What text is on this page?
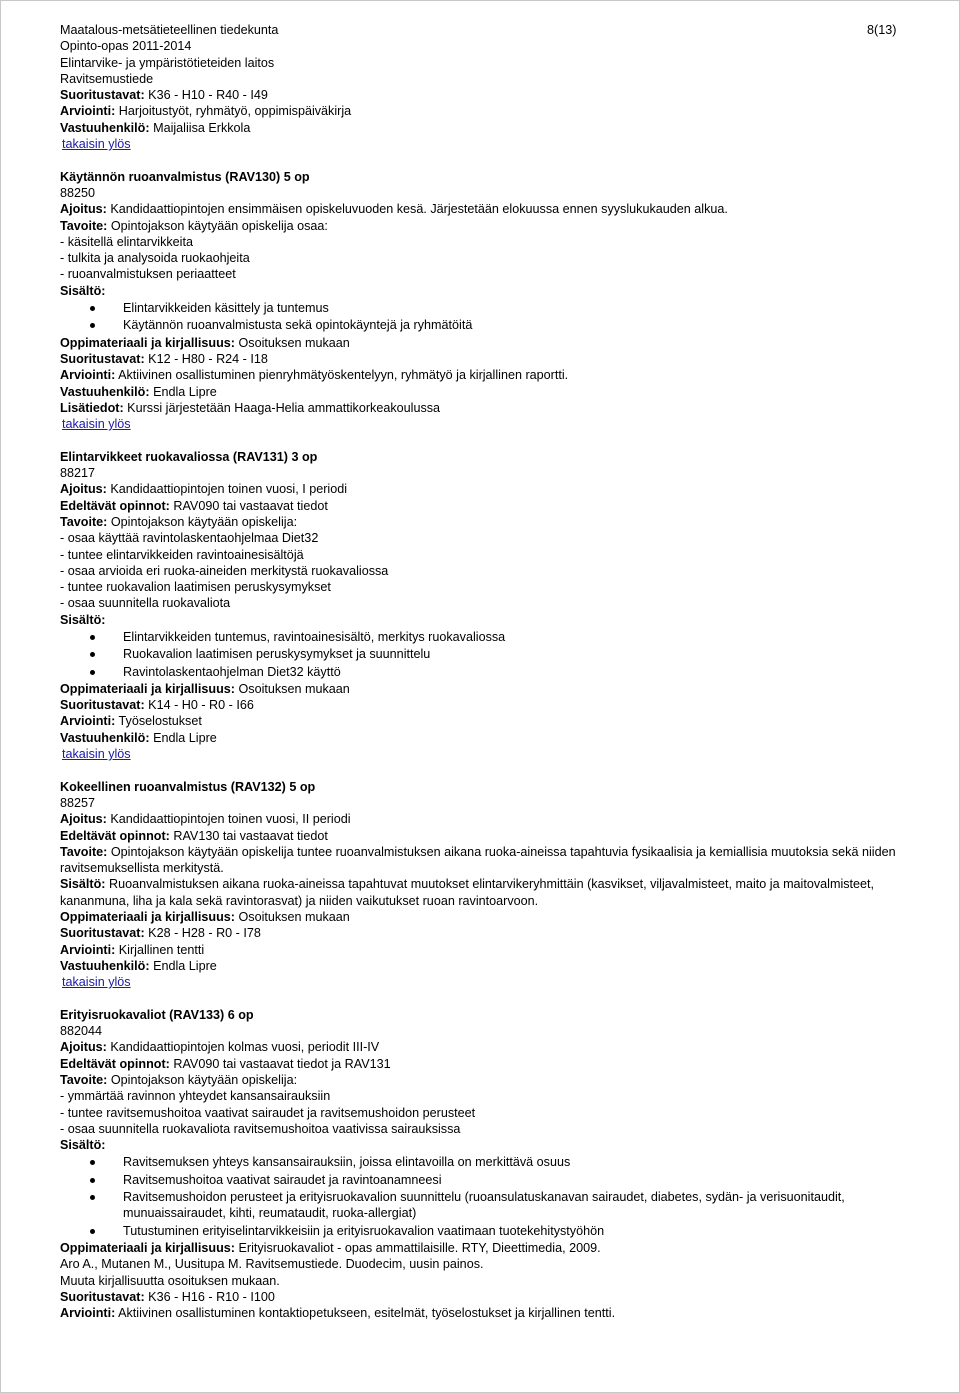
8(13)
Maatalous-metsätieteellinen tiedekunta
Opinto-opas 2011-2014
Elintarvike- ja ympäristötieteiden laitos
Ravitsemustiede
Suoritustavat: K36 - H10 - R40 - I49
Arviointi: Harjoitustyöt, ryhmätyö, oppimispäiväkirja
Vastuuhenkilö: Maijaliisa Erkkola
takaisin ylös
Käytännön ruoanvalmistus (RAV130) 5 op
88250
Ajoitus: Kandidaattiopintojen ensimmäisen opiskeluvuoden kesä. Järjestetään elokuussa ennen syyslukukauden alkua.
Tavoite: Opintojakson käytyään opiskelija osaa:
- käsitellä elintarvikkeita
- tulkita ja analysoida ruokaohjeita
- ruoanvalmistuksen periaatteet
Sisältö:
Elintarvikkeiden käsittely ja tuntemus
Käytännön ruoanvalmistusta sekä opintokäyntejä ja ryhmätöitä
Oppimateriaali ja kirjallisuus: Osoituksen mukaan
Suoritustavat: K12 - H80 - R24 - I18
Arviointi: Aktiivinen osallistuminen pienryhmätyöskentelyyn, ryhmätyö ja kirjallinen raportti.
Vastuuhenkilö: Endla Lipre
Lisätiedot: Kurssi järjestetään Haaga-Helia ammattikorkeakoulussa
takaisin ylös
Elintarvikkeet ruokavaliossa (RAV131) 3 op
88217
Ajoitus: Kandidaattiopintojen toinen vuosi, I periodi
Edeltävät opinnot: RAV090 tai vastaavat tiedot
Tavoite: Opintojakson käytyään opiskelija:
- osaa käyttää ravintolaskentaohjelmaa Diet32
- tuntee elintarvikkeiden ravintoainesisältöjä
- osaa arvioida eri ruoka-aineiden merkitystä ruokavaliossa
- tuntee ruokavalion laatimisen peruskysymykset
- osaa suunnitella ruokavaliota
Sisältö:
Elintarvikkeiden tuntemus, ravintoainesisältö, merkitys ruokavaliossa
Ruokavalion laatimisen peruskysymykset ja suunnittelu
Ravintolaskentaohjelman Diet32 käyttö
Oppimateriaali ja kirjallisuus: Osoituksen mukaan
Suoritustavat: K14 - H0 - R0 - I66
Arviointi: Työselostukset
Vastuuhenkilö: Endla Lipre
takaisin ylös
Kokeellinen ruoanvalmistus (RAV132) 5 op
88257
Ajoitus: Kandidaattiopintojen toinen vuosi, II periodi
Edeltävät opinnot: RAV130 tai vastaavat tiedot
Tavoite: Opintojakson käytyään opiskelija tuntee ruoanvalmistuksen aikana ruoka-aineissa tapahtuvia fysikaalisia ja kemiallisia muutoksia sekä niiden ravitsemuksellista merkitystä.
Sisältö: Ruoanvalmistuksen aikana ruoka-aineissa tapahtuvat muutokset elintarvikeryhmittäin (kasvikset, viljavalmisteet, maito ja maitovalmisteet, kananmuna, liha ja kala sekä ravintorasvat) ja niiden vaikutukset ruoan ravintoarvoon.
Oppimateriaali ja kirjallisuus: Osoituksen mukaan
Suoritustavat: K28 - H28 - R0 - I78
Arviointi: Kirjallinen tentti
Vastuuhenkilö: Endla Lipre
takaisin ylös
Erityisruokavaliot (RAV133) 6 op
882044
Ajoitus: Kandidaattiopintojen kolmas vuosi, periodit III-IV
Edeltävät opinnot: RAV090 tai vastaavat tiedot ja RAV131
Tavoite: Opintojakson käytyään opiskelija:
- ymmärtää ravinnon yhteydet kansansairauksiin
- tuntee ravitsemushoitoa vaativat sairaudet ja ravitsemushoidon perusteet
- osaa suunnitella ruokavaliota ravitsemushoitoa vaativissa sairauksissa
Sisältö:
Ravitsemuksen yhteys kansansairauksiin, joissa elintavoilla on merkittävä osuus
Ravitsemushoitoa vaativat sairaudet ja ravintoanamneesi
Ravitsemushoidon perusteet ja erityisruokavalion suunnittelu (ruoansulatuskanavan sairaudet, diabetes, sydän- ja verisuonitaudit, munuaissairaudet, kihti, reumataudit, ruoka-allergiat)
Tutustuminen erityiselintarvikkeisiin ja erityisruokavalion vaatimaan tuotekehitystyöhön
Oppimateriaali ja kirjallisuus: Erityisruokavaliot - opas ammattilaisille. RTY, Dieettimedia, 2009.
Aro A., Mutanen M., Uusitupa M. Ravitsemustiede. Duodecim, uusin painos.
Muuta kirjallisuutta osoituksen mukaan.
Suoritustavat: K36 - H16 - R10 - I100
Arviointi: Aktiivinen osallistuminen kontaktiopetukseen, esitelmät, työselostukset ja kirjallinen tentti.
